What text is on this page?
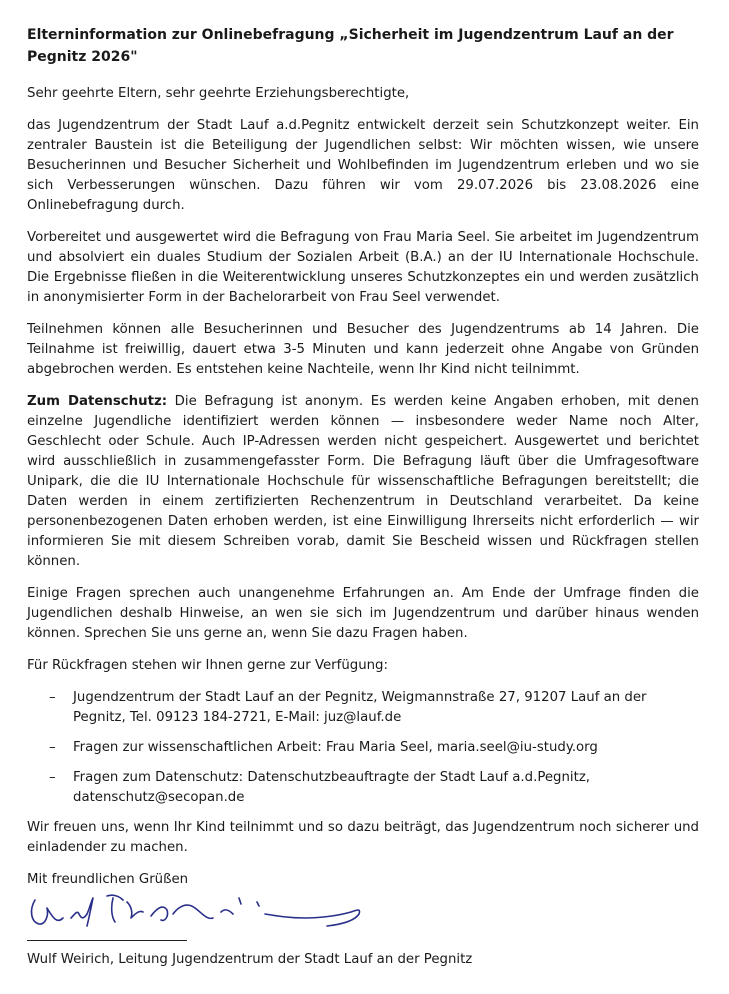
Elterninformation zur Onlinebefragung „Sicherheit im Jugendzentrum Lauf an der Pegnitz 2026"

Sehr geehrte Eltern, sehr geehrte Erziehungsberechtigte,

das Jugendzentrum der Stadt Lauf a.d.Pegnitz entwickelt derzeit sein Schutzkonzept weiter. Ein zentraler Baustein ist die Beteiligung der Jugendlichen selbst: Wir möchten wissen, wie unsere Besucherinnen und Besucher Sicherheit und Wohlbefinden im Jugendzentrum erleben und wo sie sich Verbesserungen wünschen. Dazu führen wir vom 29.07.2026 bis 23.08.2026 eine Onlinebefragung durch.

Vorbereitet und ausgewertet wird die Befragung von Frau Maria Seel. Sie arbeitet im Jugendzentrum und absolviert ein duales Studium der Sozialen Arbeit (B.A.) an der IU Internationale Hochschule. Die Ergebnisse fließen in die Weiterentwicklung unseres Schutzkonzeptes ein und werden zusätzlich in anonymisierter Form in der Bachelorarbeit von Frau Seel verwendet.

Teilnehmen können alle Besucherinnen und Besucher des Jugendzentrums ab 14 Jahren. Die Teilnahme ist freiwillig, dauert etwa 3-5 Minuten und kann jederzeit ohne Angabe von Gründen abgebrochen werden. Es entstehen keine Nachteile, wenn Ihr Kind nicht teilnimmt.

Zum Datenschutz: Die Befragung ist anonym. Es werden keine Angaben erhoben, mit denen einzelne Jugendliche identifiziert werden können — insbesondere weder Name noch Alter, Geschlecht oder Schule. Auch IP-Adressen werden nicht gespeichert. Ausgewertet und berichtet wird ausschließlich in zusammengefasster Form. Die Befragung läuft über die Umfragesoftware Unipark, die die IU Internationale Hochschule für wissenschaftliche Befragungen bereitstellt; die Daten werden in einem zertifizierten Rechenzentrum in Deutschland verarbeitet. Da keine personenbezogenen Daten erhoben werden, ist eine Einwilligung Ihrerseits nicht erforderlich — wir informieren Sie mit diesem Schreiben vorab, damit Sie Bescheid wissen und Rückfragen stellen können.

Einige Fragen sprechen auch unangenehme Erfahrungen an. Am Ende der Umfrage finden die Jugendlichen deshalb Hinweise, an wen sie sich im Jugendzentrum und darüber hinaus wenden können. Sprechen Sie uns gerne an, wenn Sie dazu Fragen haben.

Für Rückfragen stehen wir Ihnen gerne zur Verfügung:

– Jugendzentrum der Stadt Lauf an der Pegnitz, Weigmannstraße 27, 91207 Lauf an der Pegnitz, Tel. 09123 184-2721, E-Mail: juz@lauf.de
– Fragen zur wissenschaftlichen Arbeit: Frau Maria Seel, maria.seel@iu-study.org
– Fragen zum Datenschutz: Datenschutzbeauftragte der Stadt Lauf a.d.Pegnitz, datenschutz@secopan.de

Wir freuen uns, wenn Ihr Kind teilnimmt und so dazu beiträgt, das Jugendzentrum noch sicherer und einladender zu machen.

Mit freundlichen Grüßen
Wulf Weirich, Leitung Jugendzentrum der Stadt Lauf an der Pegnitz
